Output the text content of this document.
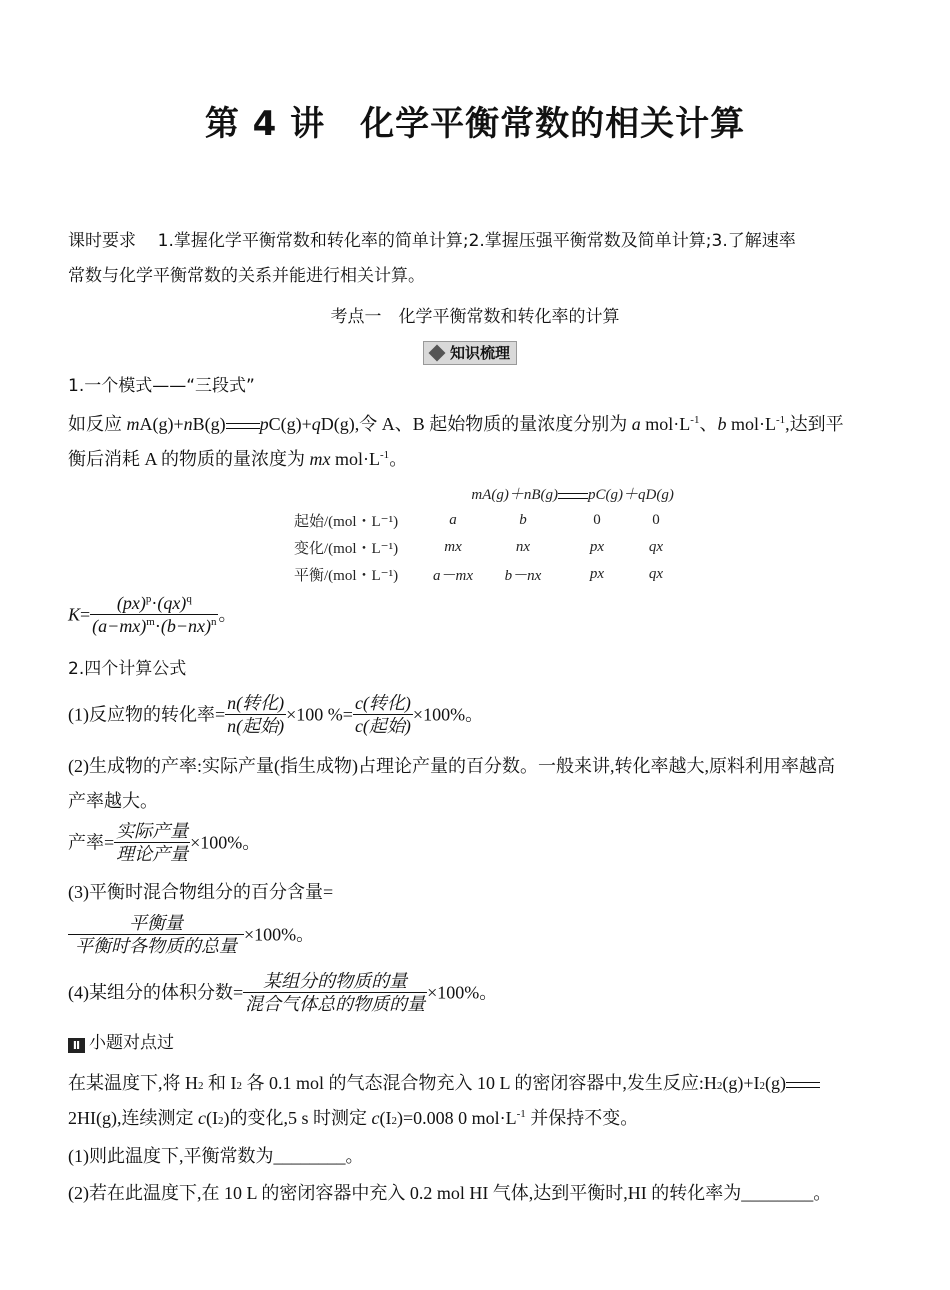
第 4 讲　化学平衡常数的相关计算
课时要求 1.掌握化学平衡常数和转化率的简单计算;2.掌握压强平衡常数及简单计算;3.了解速率
常数与化学平衡常数的关系并能进行相关计算。
考点一　化学平衡常数和转化率的计算
知识梳理
1.一个模式——“三段式”
如反应 mA(g)+nB(g) pC(g)+qD(g),令 A、B 起始物质的量浓度分别为 a $mol\cdot L^{-1}$、b $mol\cdot L^{-1}$,达到平
衡后消耗 A 的物质的量浓度为 mx $mol\cdot L^{-1}$。
	mA(g)＋nB(g)		pC(g)＋qD(g)	
起始/(mol・L⁻¹)	a	b	0	0
变化/(mol・L⁻¹)	mx	nx	px	qx
平衡/(mol・L⁻¹)	a－mx	b－nx	px	qx
$K= \frac{(px)^p\cdot(qx)^q}{(a-mx)^m\cdot(b-nx)^n}$ 。
2.四个计算公式
(1)反应物的转化率= $\frac{\text{n(转化)}}{\text{n(起始)}} \times 100$ %= $\frac{\text{c(转化)}}{\text{c(起始)}} \times 100\%$。
(2)生成物的产率:实际产量(指生成物)占理论产量的百分数。一般来讲,转化率越大,原料利用率越高
产率越大。
产率= $\frac{\text{实际产量}}{\text{理论产量}} \times 100\%$。
(3)平衡时混合物组分的百分含量=
$\frac{\text{平衡量}}{\text{平衡时各物质的总量}} \times 100\%$。
(4)某组分的体积分数= $\frac{\text{某组分的物质的量}}{\text{混合气体总的物质的量}} \times 100\%$。
Ⅱ 小题对点过
在某温度下,将 $H_2$ 和 $I_2$ 各 0.1 mol 的气态混合物充入 10 L 的密闭容器中,发生反应$:H_2(g)+I_2(g)$
2HI(g),连续测定 $c(I_2)$的变化,5 s 时测定 $c(I_2)=0.008$ 0 $mol\cdot L^{-1}$ 并保持不变。
(1)则此温度下,平衡常数为________。
(2)若在此温度下,在 10 L 的密闭容器中充入 0.2 mol HI 气体,达到平衡时,HI 的转化率为________。
